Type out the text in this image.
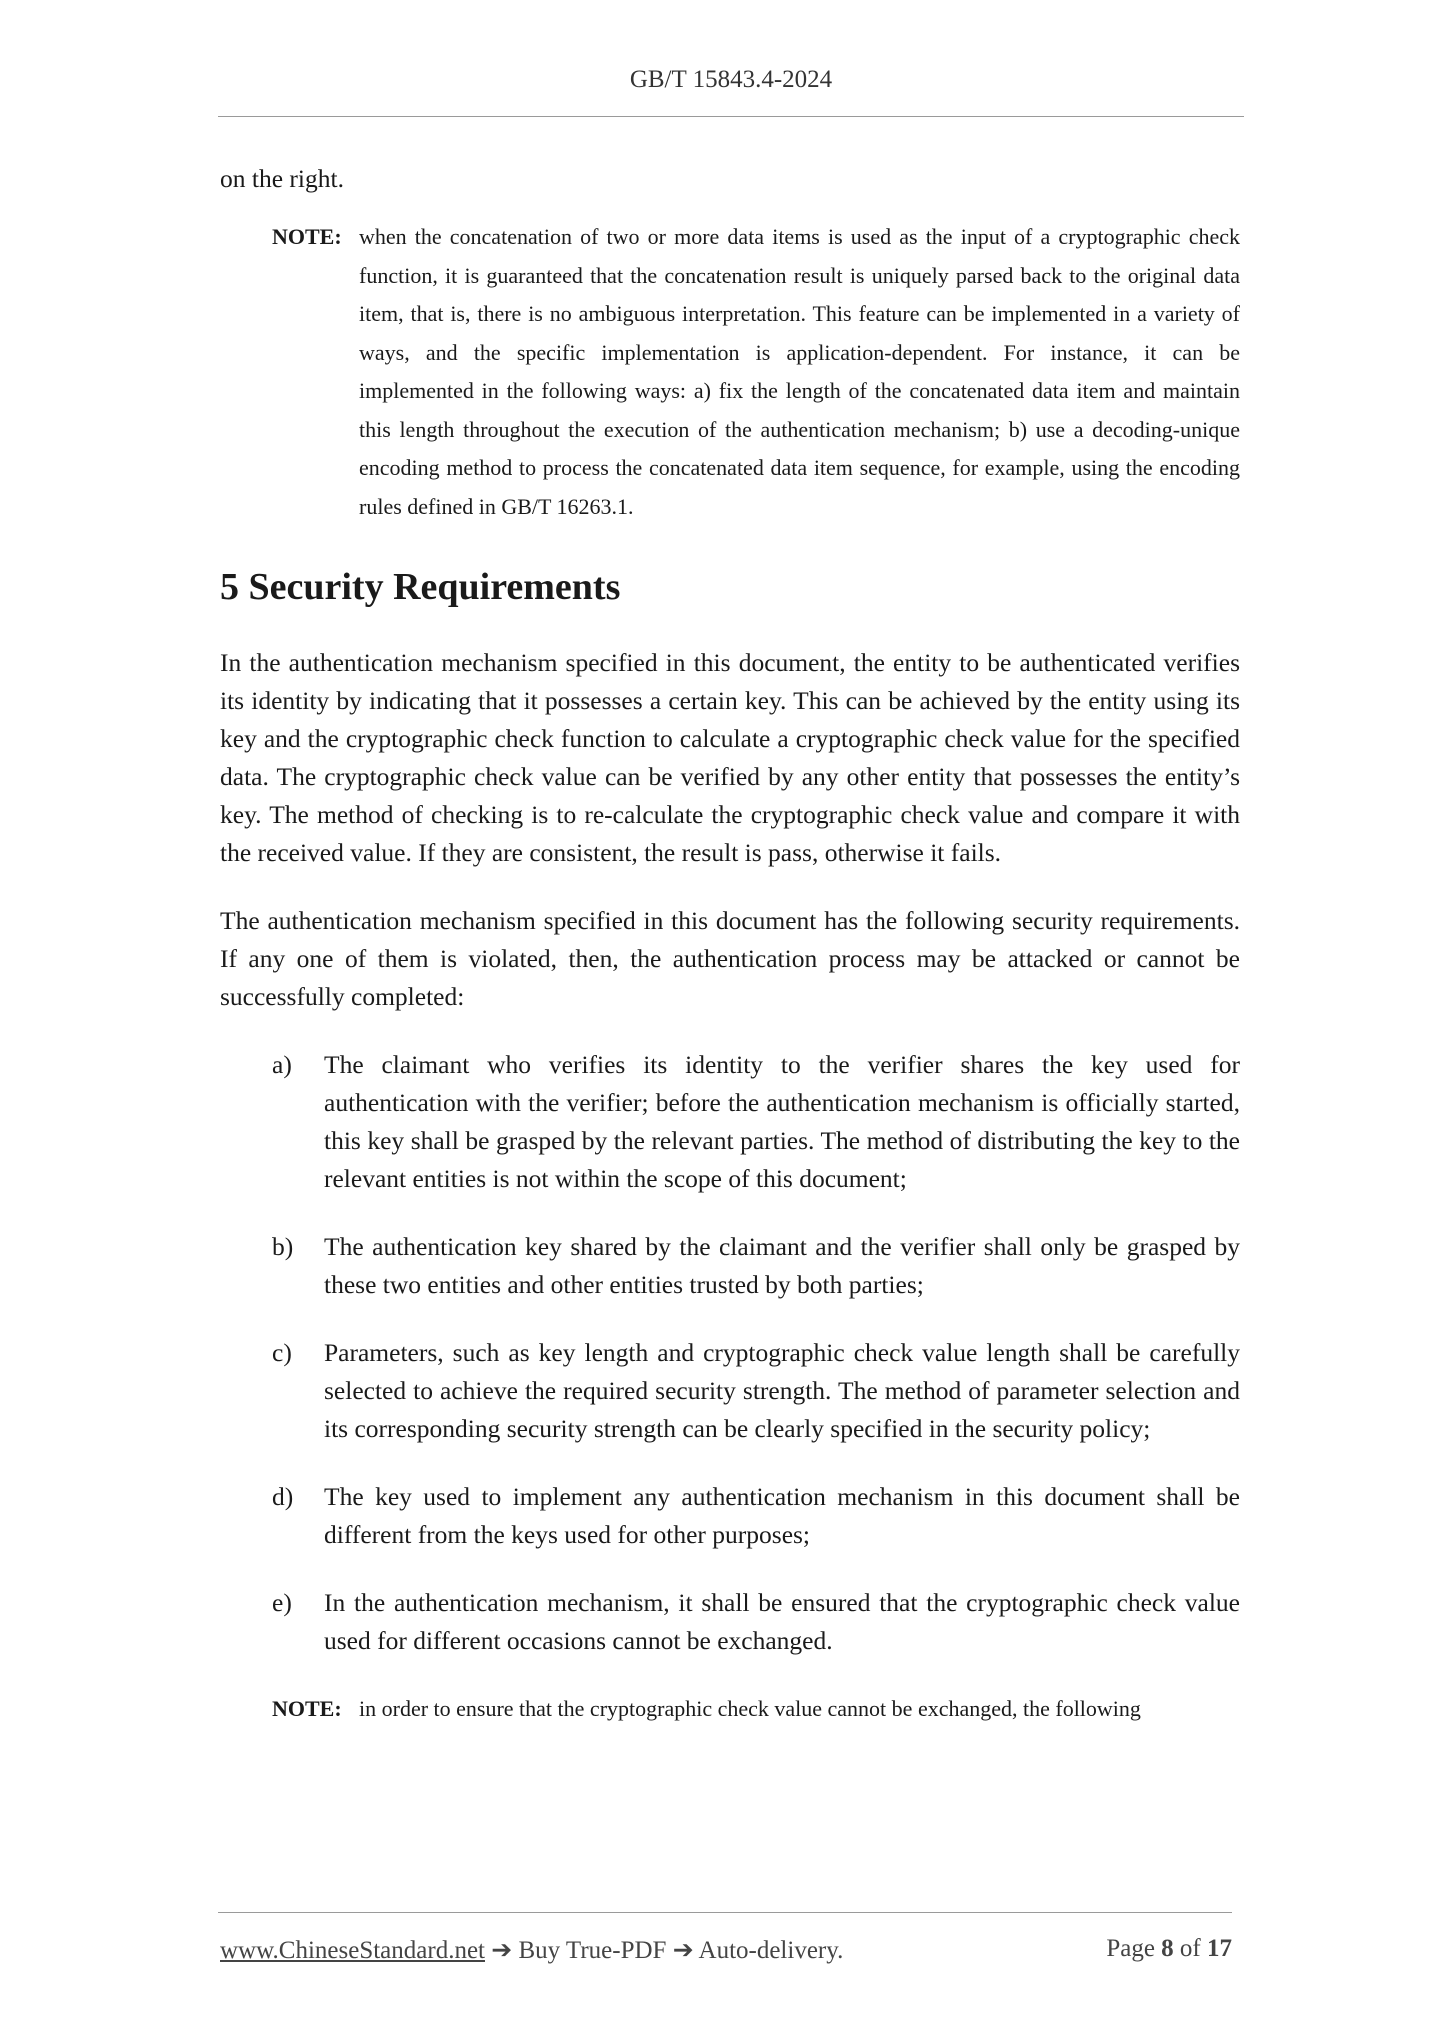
GB/T 15843.4-2024

on the right.

NOTE: when the concatenation of two or more data items is used as the input of a cryptographic check function, it is guaranteed that the concatenation result is uniquely parsed back to the original data item, that is, there is no ambiguous interpretation. This feature can be implemented in a variety of ways, and the specific implementation is application-dependent. For instance, it can be implemented in the following ways: a) fix the length of the concatenated data item and maintain this length throughout the execution of the authentication mechanism; b) use a decoding-unique encoding method to process the concatenated data item sequence, for example, using the encoding rules defined in GB/T 16263.1.
5 Security Requirements

In the authentication mechanism specified in this document, the entity to be authenticated verifies its identity by indicating that it possesses a certain key. This can be achieved by the entity using its key and the cryptographic check function to calculate a cryptographic check value for the specified data. The cryptographic check value can be verified by any other entity that possesses the entity’s key. The method of checking is to re-calculate the cryptographic check value and compare it with the received value. If they are consistent, the result is pass, otherwise it fails.

The authentication mechanism specified in this document has the following security requirements. If any one of them is violated, then, the authentication process may be attacked or cannot be successfully completed:

a) The claimant who verifies its identity to the verifier shares the key used for authentication with the verifier; before the authentication mechanism is officially started, this key shall be grasped by the relevant parties. The method of distributing the key to the relevant entities is not within the scope of this document;
b) The authentication key shared by the claimant and the verifier shall only be grasped by these two entities and other entities trusted by both parties;
c) Parameters, such as key length and cryptographic check value length shall be carefully selected to achieve the required security strength. The method of parameter selection and its corresponding security strength can be clearly specified in the security policy;
d) The key used to implement any authentication mechanism in this document shall be different from the keys used for other purposes;
e) In the authentication mechanism, it shall be ensured that the cryptographic check value used for different occasions cannot be exchanged.
NOTE: in order to ensure that the cryptographic check value cannot be exchanged, the following
www.ChineseStandard.net ➔ Buy True-PDF ➔ Auto-delivery.	Page 8 of 17
